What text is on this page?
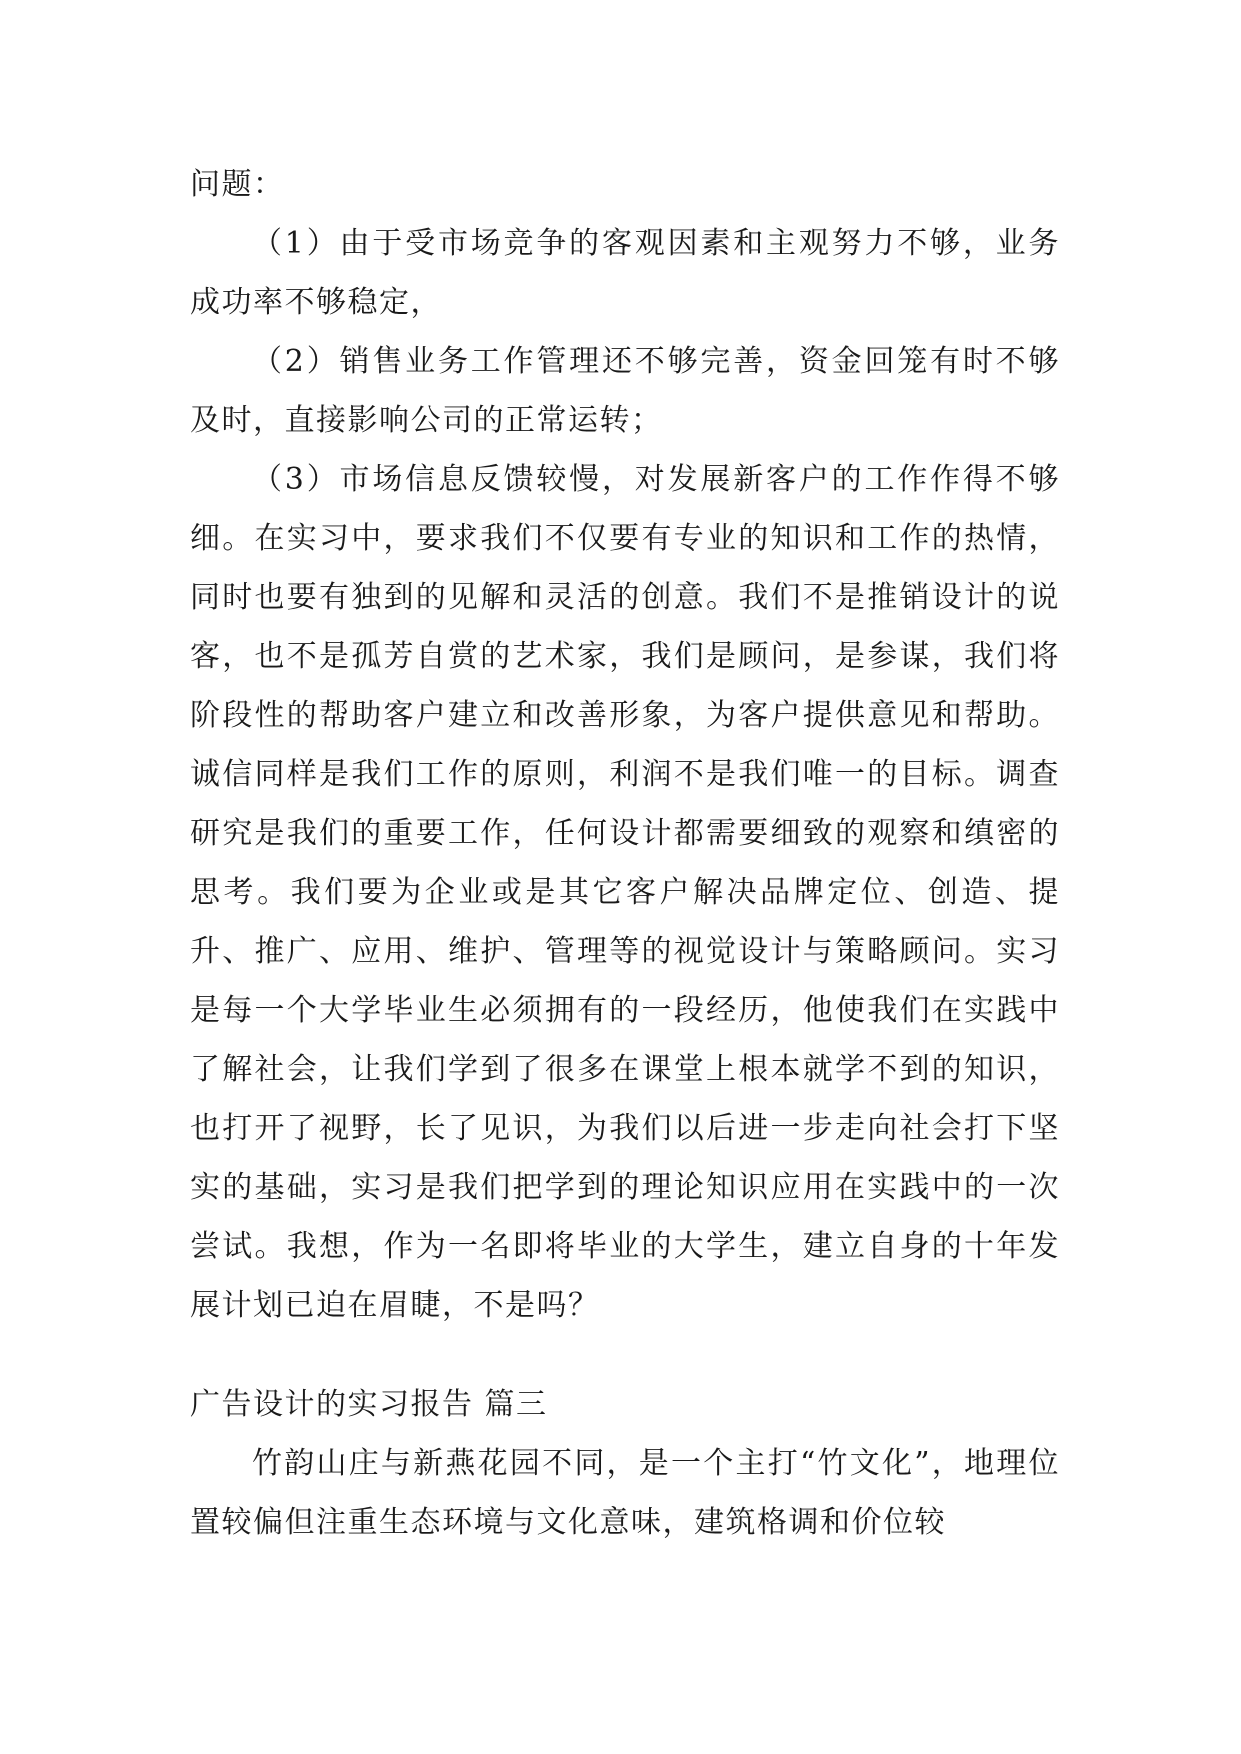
问题：

（1）由于受市场竞争的客观因素和主观努力不够，业务成功率不够稳定，

（2）销售业务工作管理还不够完善，资金回笼有时不够及时，直接影响公司的正常运转；

（3）市场信息反馈较慢，对发展新客户的工作作得不够细。在实习中，要求我们不仅要有专业的知识和工作的热情，同时也要有独到的见解和灵活的创意。我们不是推销设计的说客，也不是孤芳自赏的艺术家，我们是顾问，是参谋，我们将阶段性的帮助客户建立和改善形象，为客户提供意见和帮助。诚信同样是我们工作的原则，利润不是我们唯一的目标。调查研究是我们的重要工作，任何设计都需要细致的观察和缜密的思考。我们要为企业或是其它客户解决品牌定位、创造、提升、推广、应用、维护、管理等的视觉设计与策略顾问。实习是每一个大学毕业生必须拥有的一段经历，他使我们在实践中了解社会，让我们学到了很多在课堂上根本就学不到的知识，也打开了视野，长了见识，为我们以后进一步走向社会打下坚实的基础，实习是我们把学到的理论知识应用在实践中的一次尝试。我想，作为一名即将毕业的大学生，建立自身的十年发展计划已迫在眉睫，不是吗？

广告设计的实习报告 篇三

竹韵山庄与新燕花园不同，是一个主打“竹文化”，地理位置较偏但注重生态环境与文化意味，建筑格调和价位较
